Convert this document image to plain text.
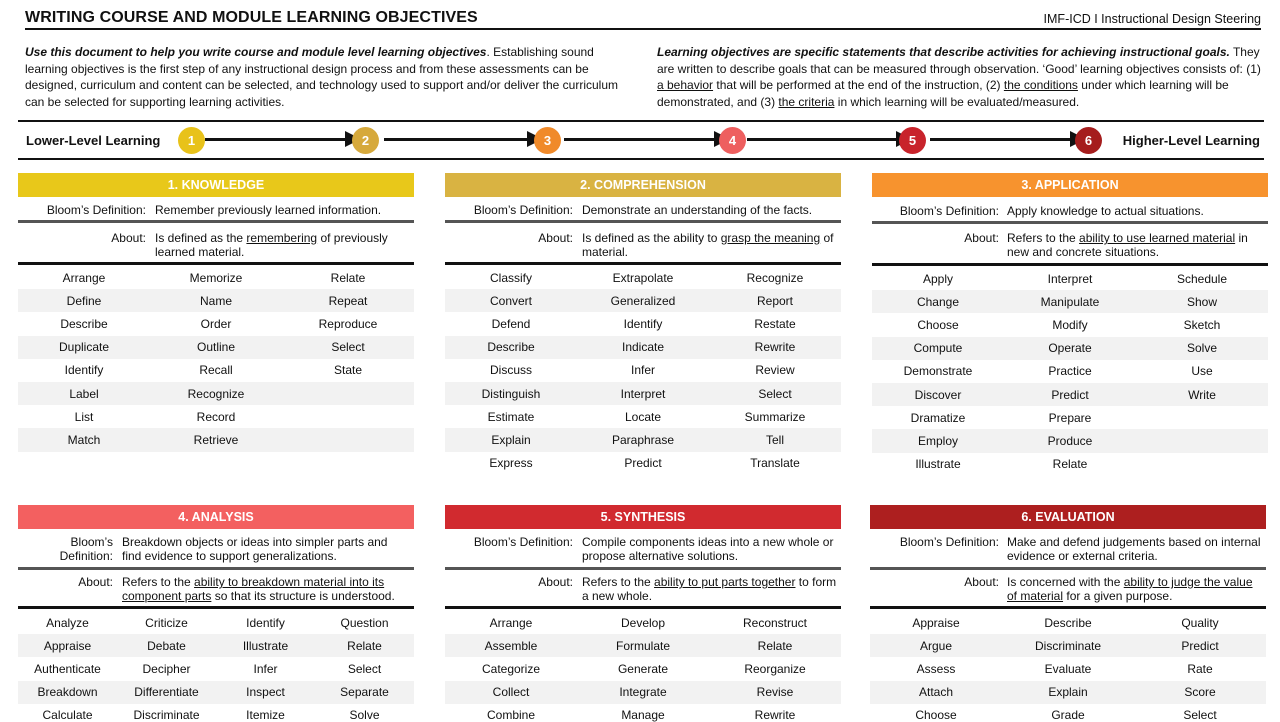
WRITING COURSE AND MODULE LEARNING OBJECTIVES	IMF-ICD I Instructional Design Steering
Use this document to help you write course and module level learning objectives. Establishing sound learning objectives is the first step of any instructional design process and from these assessments can be designed, curriculum and content can be selected, and technology used to support and/or deliver the curriculum can be selected for supporting learning activities.
Learning objectives are specific statements that describe activities for achieving instructional goals. They are written to describe goals that can be measured through observation. ‘Good’ learning objectives consists of: (1) a behavior that will be performed at the end of the instruction, (2) the conditions under which learning will be demonstrated, and (3) the criteria in which learning will be evaluated/measured.
Lower-Level Learning	1	2	3	4	5	6	Higher-Level Learning
1. KNOWLEDGE
Bloom’s Definition: Remember previously learned information.
About: Is defined as the remembering of previously learned material.
Arrange	Memorize	Relate
Define	Name	Repeat
Describe	Order	Reproduce
Duplicate	Outline	Select
Identify	Recall	State
Label	Recognize
List	Record
Match	Retrieve
2. COMPREHENSION
Bloom’s Definition: Demonstrate an understanding of the facts.
About: Is defined as the ability to grasp the meaning of material.
Classify	Extrapolate	Recognize
Convert	Generalized	Report
Defend	Identify	Restate
Describe	Indicate	Rewrite
Discuss	Infer	Review
Distinguish	Interpret	Select
Estimate	Locate	Summarize
Explain	Paraphrase	Tell
Express	Predict	Translate
3. APPLICATION
Bloom’s Definition: Apply knowledge to actual situations.
About: Refers to the ability to use learned material in new and concrete situations.
Apply	Interpret	Schedule
Change	Manipulate	Show
Choose	Modify	Sketch
Compute	Operate	Solve
Demonstrate	Practice	Use
Discover	Predict	Write
Dramatize	Prepare
Employ	Produce
Illustrate	Relate
4. ANALYSIS
Bloom’s Definition:
Breakdown objects or ideas into simpler parts and find evidence to support generalizations.
About: Refers to the ability to breakdown material into its component parts so that its structure is understood.
Analyze	Criticize	Identify	Question
Appraise	Debate	Illustrate	Relate
Authenticate	Decipher	Infer	Select
Breakdown	Differentiate	Inspect	Separate
Calculate	Discriminate	Itemize	Solve
5. SYNTHESIS
Bloom’s Definition: Compile components ideas into a new whole or propose alternative solutions.
About: Refers to the ability to put parts together to form a new whole.
Arrange	Develop	Reconstruct
Assemble	Formulate	Relate
Categorize	Generate	Reorganize
Collect	Integrate	Revise
Combine	Manage	Rewrite
6. EVALUATION
Bloom’s Definition: Make and defend judgements based on internal evidence or external criteria.
About: Is concerned with the ability to judge the value of material for a given purpose.
Appraise	Describe	Quality
Argue	Discriminate	Predict
Assess	Evaluate	Rate
Attach	Explain	Score
Choose	Grade	Select
